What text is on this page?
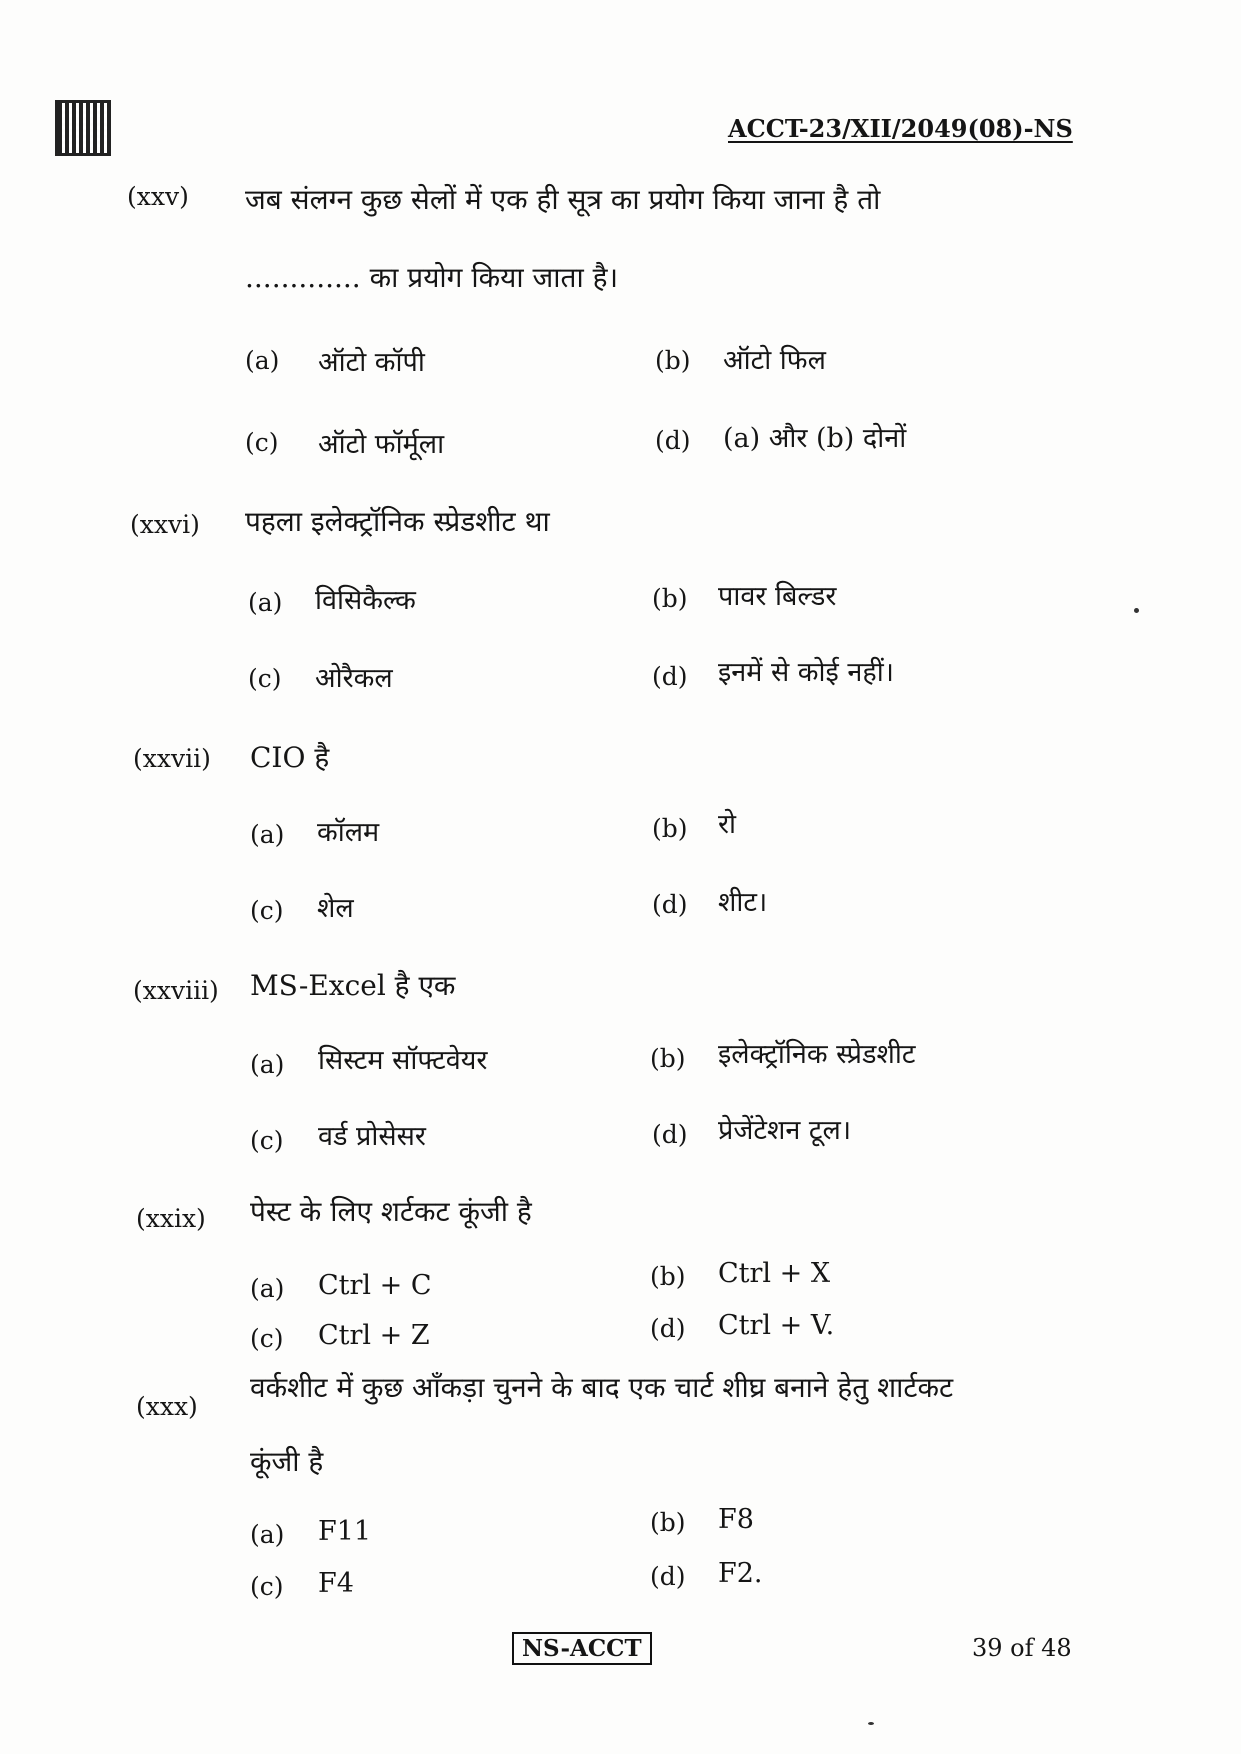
ACCT-23/XII/2049(08)-NS
(xxv) जब संलग्न कुछ सेलों में एक ही सूत्र का प्रयोग किया जाना है तो
............. का प्रयोग किया जाता है।
(a) ऑटो कॉपी	(b) ऑटो फिल
(c) ऑटो फॉर्मूला	(d) (a) और (b) दोनों
(xxvi) पहला इलेक्ट्रॉनिक स्प्रेडशीट था
(a) विसिकैल्क	(b) पावर बिल्डर
(c) ओरैकल	(d) इनमें से कोई नहीं।
(xxvii) CIO है
(a) कॉलम	(b) रो
(c) शेल	(d) शीट।
(xxviii) MS-Excel है एक
(a) सिस्टम सॉफ्टवेयर	(b) इलेक्ट्रॉनिक स्प्रेडशीट
(c) वर्ड प्रोसेसर	(d) प्रेजेंटेशन टूल।
(xxix) पेस्ट के लिए शर्टकट कूंजी है
(a) Ctrl + C	(b) Ctrl + X
(c) Ctrl + Z	(d) Ctrl + V.
(xxx)
वर्कशीट में कुछ आँकड़ा चुनने के बाद एक चार्ट शीघ्र बनाने हेतु शार्टकट
कूंजी है
(a) F11	(b) F8
(c) F4	(d) F2.
NS-ACCT	39 of 48
